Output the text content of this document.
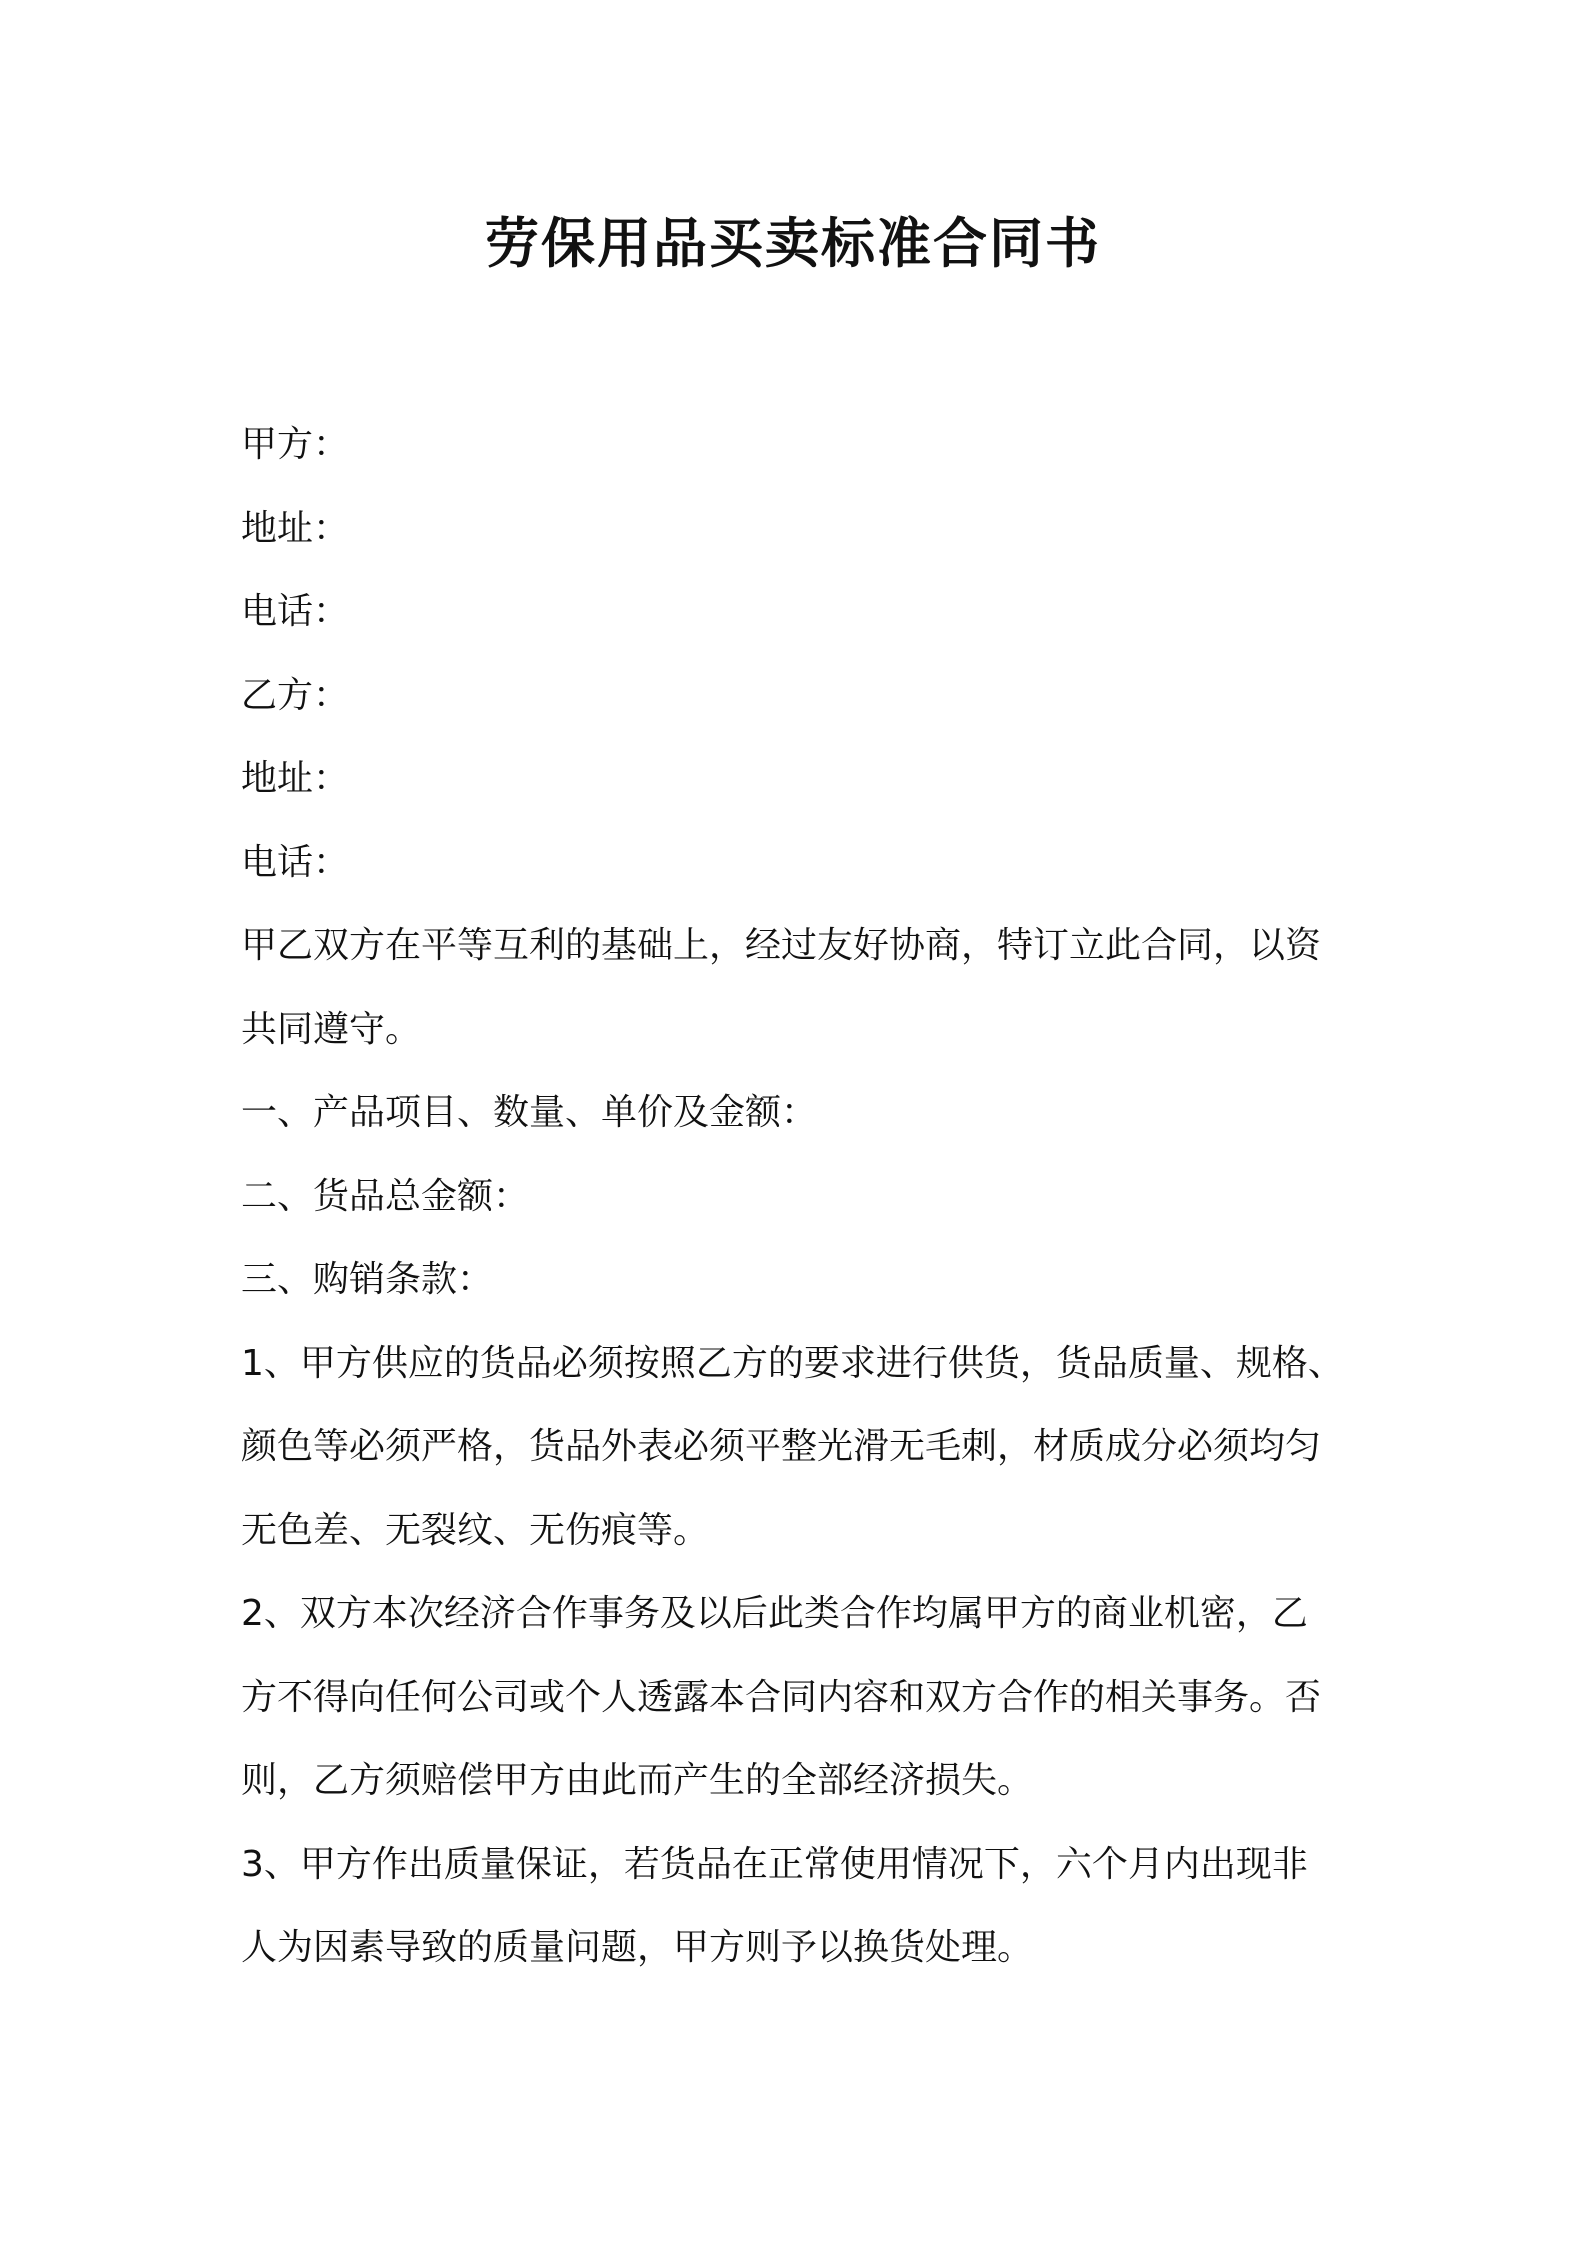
劳保用品买卖标准合同书

甲方：

地址：

电话：

乙方：

地址：

电话：

甲乙双方在平等互利的基础上，经过友好协商，特订立此合同，以资

共同遵守。

一、产品项目、数量、单价及金额：

二、货品总金额：

三、购销条款：

1、甲方供应的货品必须按照乙方的要求进行供货，货品质量、规格、

颜色等必须严格，货品外表必须平整光滑无毛刺，材质成分必须均匀

无色差、无裂纹、无伤痕等。

2、双方本次经济合作事务及以后此类合作均属甲方的商业机密，乙

方不得向任何公司或个人透露本合同内容和双方合作的相关事务。否

则，乙方须赔偿甲方由此而产生的全部经济损失。

3、甲方作出质量保证，若货品在正常使用情况下，六个月内出现非

人为因素导致的质量问题，甲方则予以换货处理。
